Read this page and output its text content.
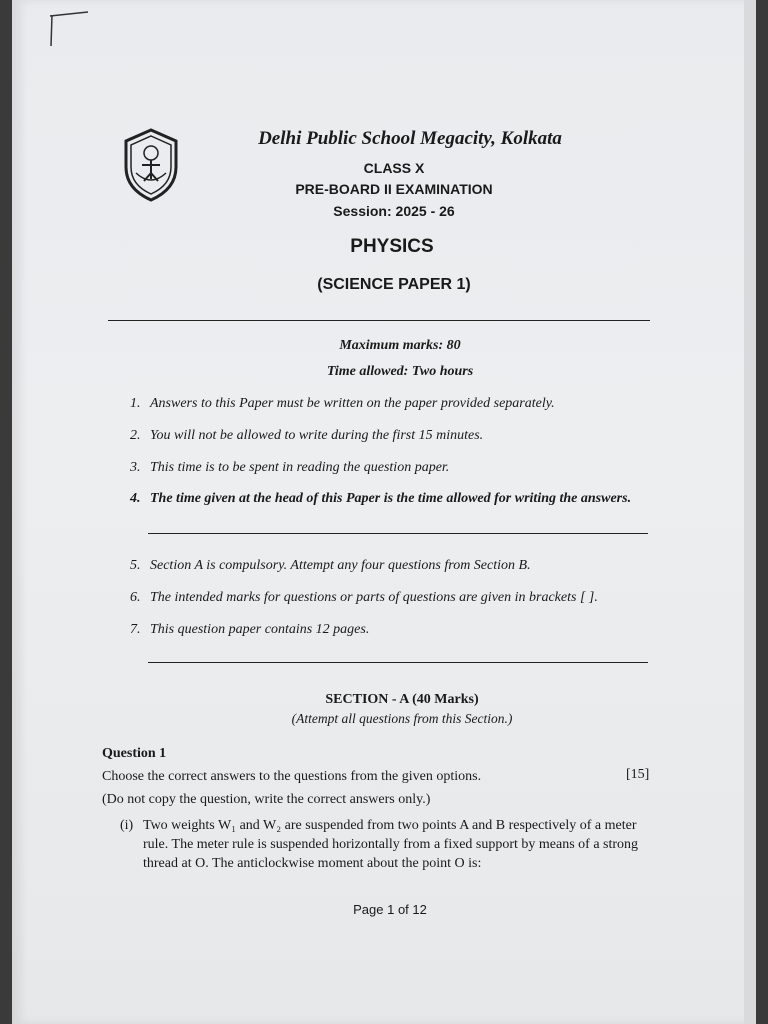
Delhi Public School Megacity, Kolkata
CLASS X
PRE-BOARD II EXAMINATION
Session: 2025 - 26
PHYSICS
(SCIENCE PAPER 1)
Maximum marks: 80
Time allowed: Two hours
1. Answers to this Paper must be written on the paper provided separately.
2. You will not be allowed to write during the first 15 minutes.
3. This time is to be spent in reading the question paper.
4. The time given at the head of this Paper is the time allowed for writing the answers.
5. Section A is compulsory. Attempt any four questions from Section B.
6. The intended marks for questions or parts of questions are given in brackets [ ].
7. This question paper contains 12 pages.
SECTION - A (40 Marks)
(Attempt all questions from this Section.)
Question 1
Choose the correct answers to the questions from the given options.	[15]
(Do not copy the question, write the correct answers only.)
(i) Two weights W₁ and W₂ are suspended from two points A and B respectively of a meter
rule. The meter rule is suspended horizontally from a fixed support by means of a strong
thread at O. The anticlockwise moment about the point O is:
Page 1 of 12
